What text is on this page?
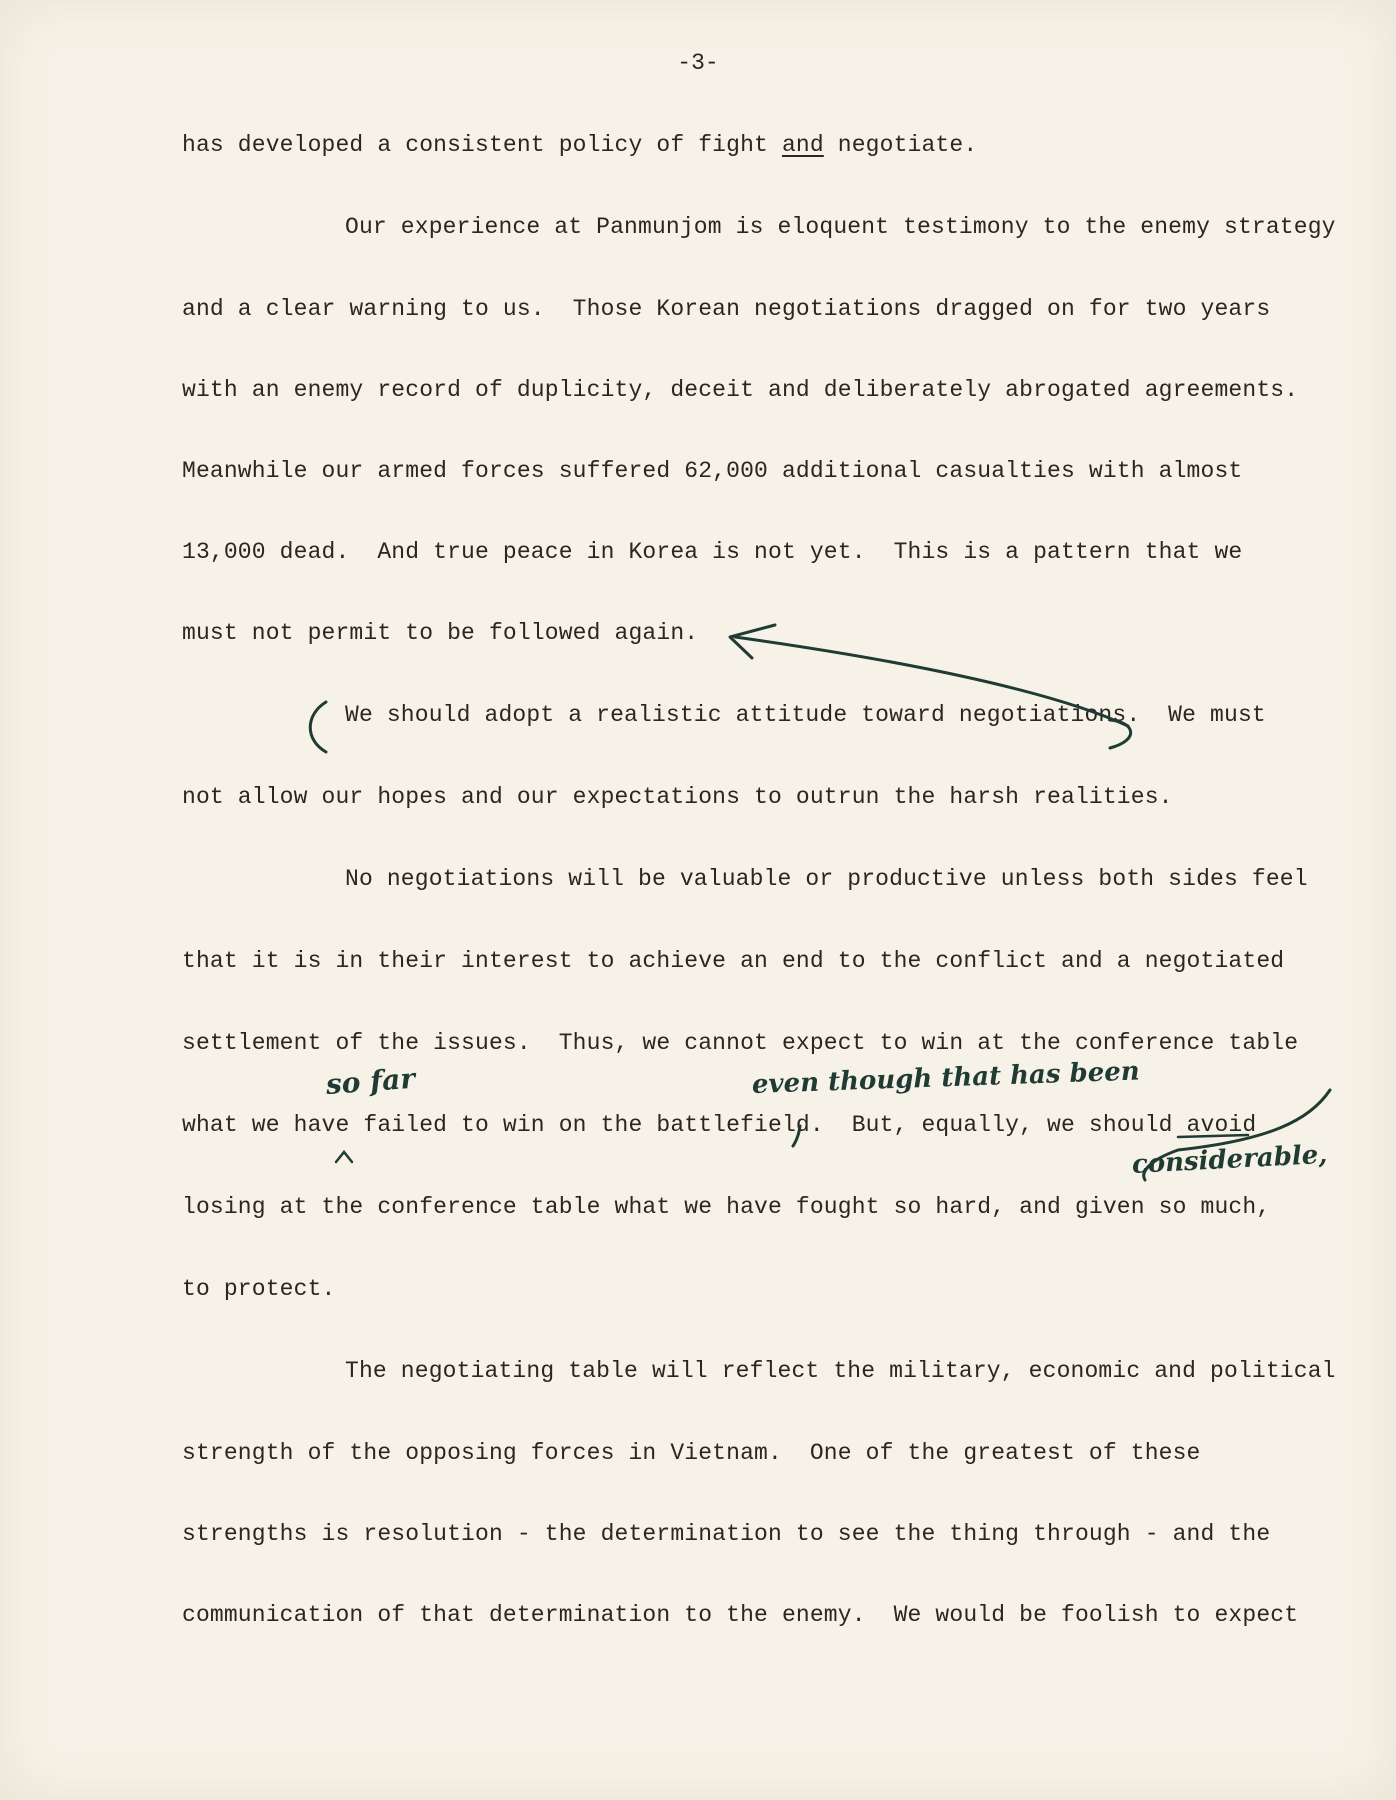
-3-
has developed a consistent policy of fight and negotiate.
Our experience at Panmunjom is eloquent testimony to the enemy strategy
and a clear warning to us.  Those Korean negotiations dragged on for two years
with an enemy record of duplicity, deceit and deliberately abrogated agreements.
Meanwhile our armed forces suffered 62,000 additional casualties with almost
13,000 dead.  And true peace in Korea is not yet.  This is a pattern that we
must not permit to be followed again.
We should adopt a realistic attitude toward negotiations.  We must
not allow our hopes and our expectations to outrun the harsh realities.
No negotiations will be valuable or productive unless both sides feel
that it is in their interest to achieve an end to the conflict and a negotiated
settlement of the issues.  Thus, we cannot expect to win at the conference table
what we have failed to win on the battlefield.  But, equally, we should avoid
losing at the conference table what we have fought so hard, and given so much,
to protect.
The negotiating table will reflect the military, economic and political
strength of the opposing forces in Vietnam.  One of the greatest of these
strengths is resolution - the determination to see the thing through - and the
communication of that determination to the enemy.  We would be foolish to expect
so far	even though that has been
considerable,
